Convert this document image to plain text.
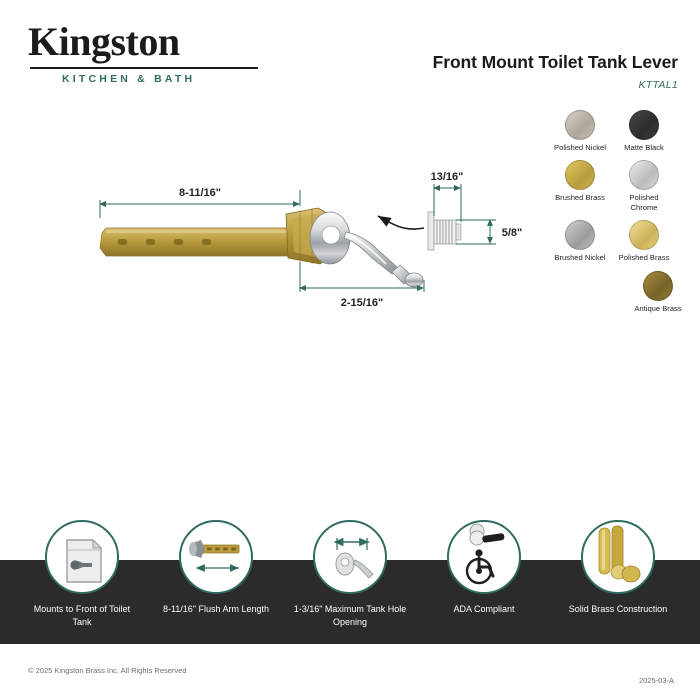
Kingston
KITCHEN & BATH
Front Mount Toilet Tank Lever
KTTAL1
Polished Nickel	Matte Black
Brushed Brass	Polished Chrome
Brushed Nickel Polished Brass
Antique Brass
8-11/16"
13/16"
5/8"
2-15/16"
Mounts to Front of Toilet Tank
8-11/16" Flush Arm Length	1-3/16" Maximum Tank Hole Opening
ADA Compliant	Solid Brass Construction
© 2025 Kingston Brass Inc. All Rights Reserved
2025-03-A
